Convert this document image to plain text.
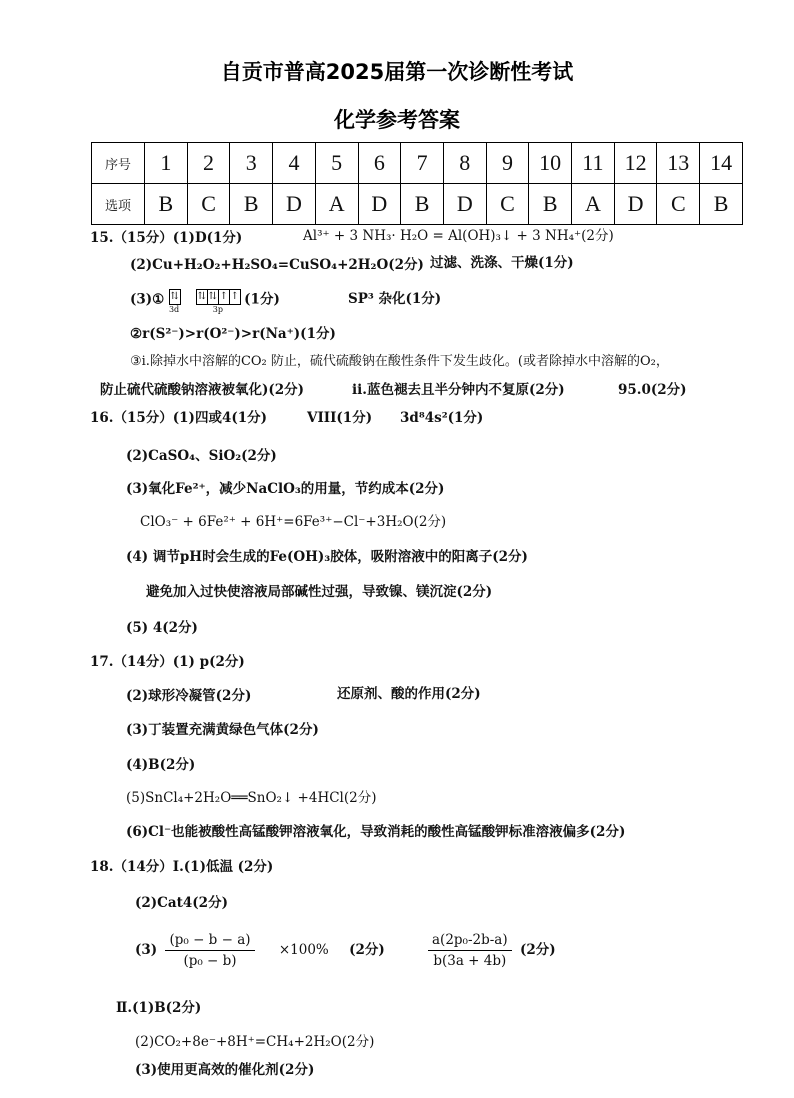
自贡市普高2025届第一次诊断性考试
化学参考答案
序号	1	2	3	4	5	6	7	8	9	10	11	12	13	14
选项	B	C	B	D	A	D	B	D	C	B	A	D	C	B
15.（15分）(1)D(1分)	Al³⁺ + 3 NH₃· H₂O = Al(OH)₃↓ + 3 NH₄⁺(2分)
(2)Cu+H₂O₂+H₂SO₄=CuSO₄+2H₂O(2分) 过滤、洗涤、干燥(1分)
(3)① ⇅
3d
⇅ ⇅ ↑ ↑
3p
(1分)	SP³ 杂化(1分)
②r(S²⁻)>r(O²⁻)>r(Na⁺)(1分)
③i.除掉水中溶解的CO₂ 防止，硫代硫酸钠在酸性条件下发生歧化。(或者除掉水中溶解的O₂，
防止硫代硫酸钠溶液被氧化)(2分)	ii.蓝色褪去且半分钟内不复原(2分)	95.0(2分)
16.（15分）(1)四或4(1分)	VIII(1分) 3d⁸4s²(1分)
(2)CaSO₄、SiO₂(2分)
(3)氧化Fe²⁺，减少NaClO₃的用量，节约成本(2分)
ClO₃⁻ + 6Fe²⁺ + 6H⁺=6Fe³⁺−Cl⁻+3H₂O(2分)
(4) 调节pH时会生成的Fe(OH)₃胶体，吸附溶液中的阳离子(2分)
避免加入过快使溶液局部碱性过强，导致镍、镁沉淀(2分)
(5) 4(2分)
17.（14分）(1) p(2分)
(2)球形冷凝管(2分)	还原剂、酸的作用(2分)
(3)丁装置充满黄绿色气体(2分)
(4)B(2分)
(5)SnCl₄+2H₂O══SnO₂↓ +4HCl(2分)
(6)Cl⁻也能被酸性高锰酸钾溶液氧化，导致消耗的酸性高锰酸钾标准溶液偏多(2分)
18.（14分）Ⅰ.(1)低温 (2分)
(2)Cat4(2分)
$(3) \frac{\text{(p₀ − b − a)}}{\text{(p₀ − b)}} \times 100\%$ (2分)	$\frac{\text{a(2p₀-2b-a)}}{b(3a + 4b)} (2$分)
Ⅱ.(1)B(2分)
(2)CO₂+8e⁻+8H⁺=CH₄+2H₂O(2分)
(3)使用更高效的催化剂(2分)
